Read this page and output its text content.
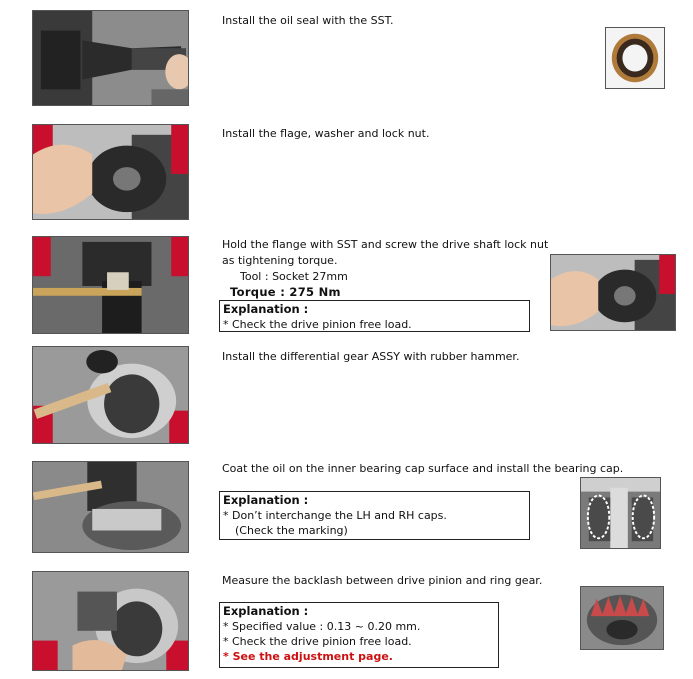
Install the oil seal with the SST.
Install the flage, washer and lock nut.
Hold the flange with SST and screw the drive shaft lock nut
as tightening torque.
Tool : Socket 27mm
Torque : 275 Nm
Explanation :
* Check the drive pinion free load.
Install the differential gear ASSY with rubber hammer.
Coat the oil on the inner bearing cap surface and install the bearing cap.
Explanation :
* Don’t interchange the LH and RH caps.
(Check the marking)
Measure the backlash between drive pinion and ring gear.
Explanation :
* Specified value : 0.13 ~ 0.20 mm.
* Check the drive pinion free load.
* See the adjustment page.
